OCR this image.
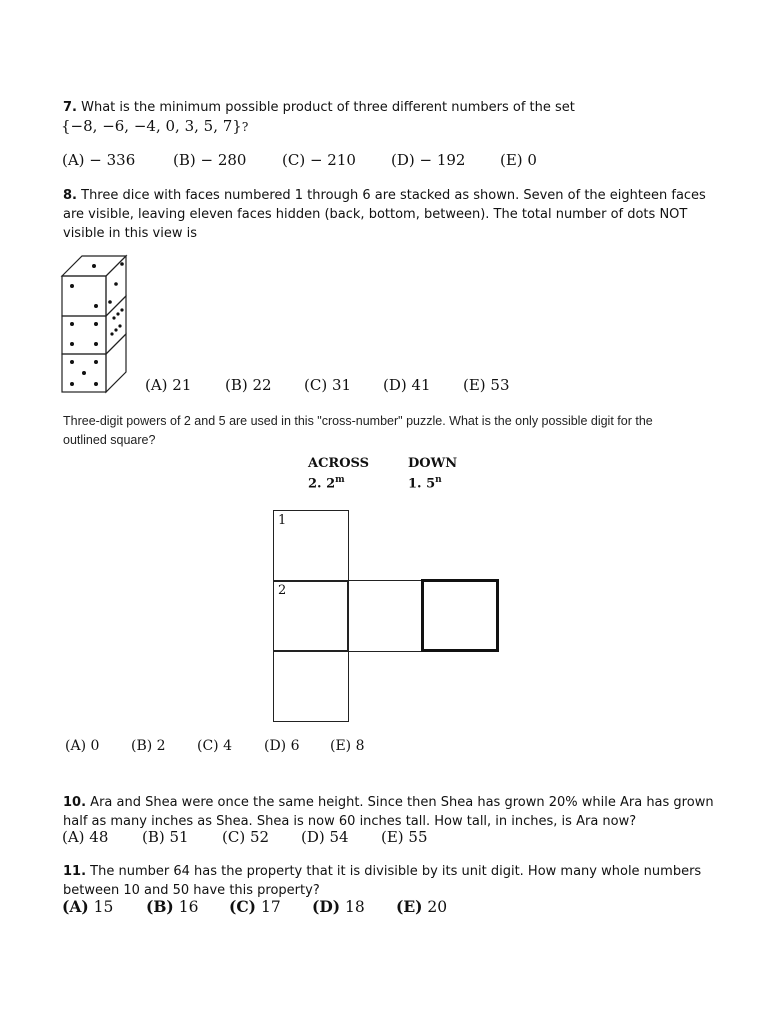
7. What is the minimum possible product of three different numbers of the set
{−8, −6, −4, 0, 3, 5, 7}?
(A) − 336	(B) − 280 (C) − 210 (D) − 192 (E) 0
8. Three dice with faces numbered 1 through 6 are stacked as shown. Seven of the eighteen faces
are visible, leaving eleven faces hidden (back, bottom, between). The total number of dots NOT
visible in this view is
(A) 21 (B) 22 (C) 31 (D) 41 (E) 53
Three-digit powers of 2 and 5 are used in this "cross-number" puzzle. What is the only possible digit for the
outlined square?
ACROSS
2. 2$^m$
DOWN
1. 5$^n$
1
2
(A) 0 (B) 2 (C) 4 (D) 6 (E) 8
10. Ara and Shea were once the same height. Since then Shea has grown 20% while Ara has grown
half as many inches as Shea. Shea is now 60 inches tall. How tall, in inches, is Ara now?
(A) 48 (B) 51 (C) 52 (D) 54 (E) 55
11. The number 64 has the property that it is divisible by its unit digit. How many whole numbers
between 10 and 50 have this property?
(A) 15 (B) 16 (C) 17 (D) 18 (E) 20
